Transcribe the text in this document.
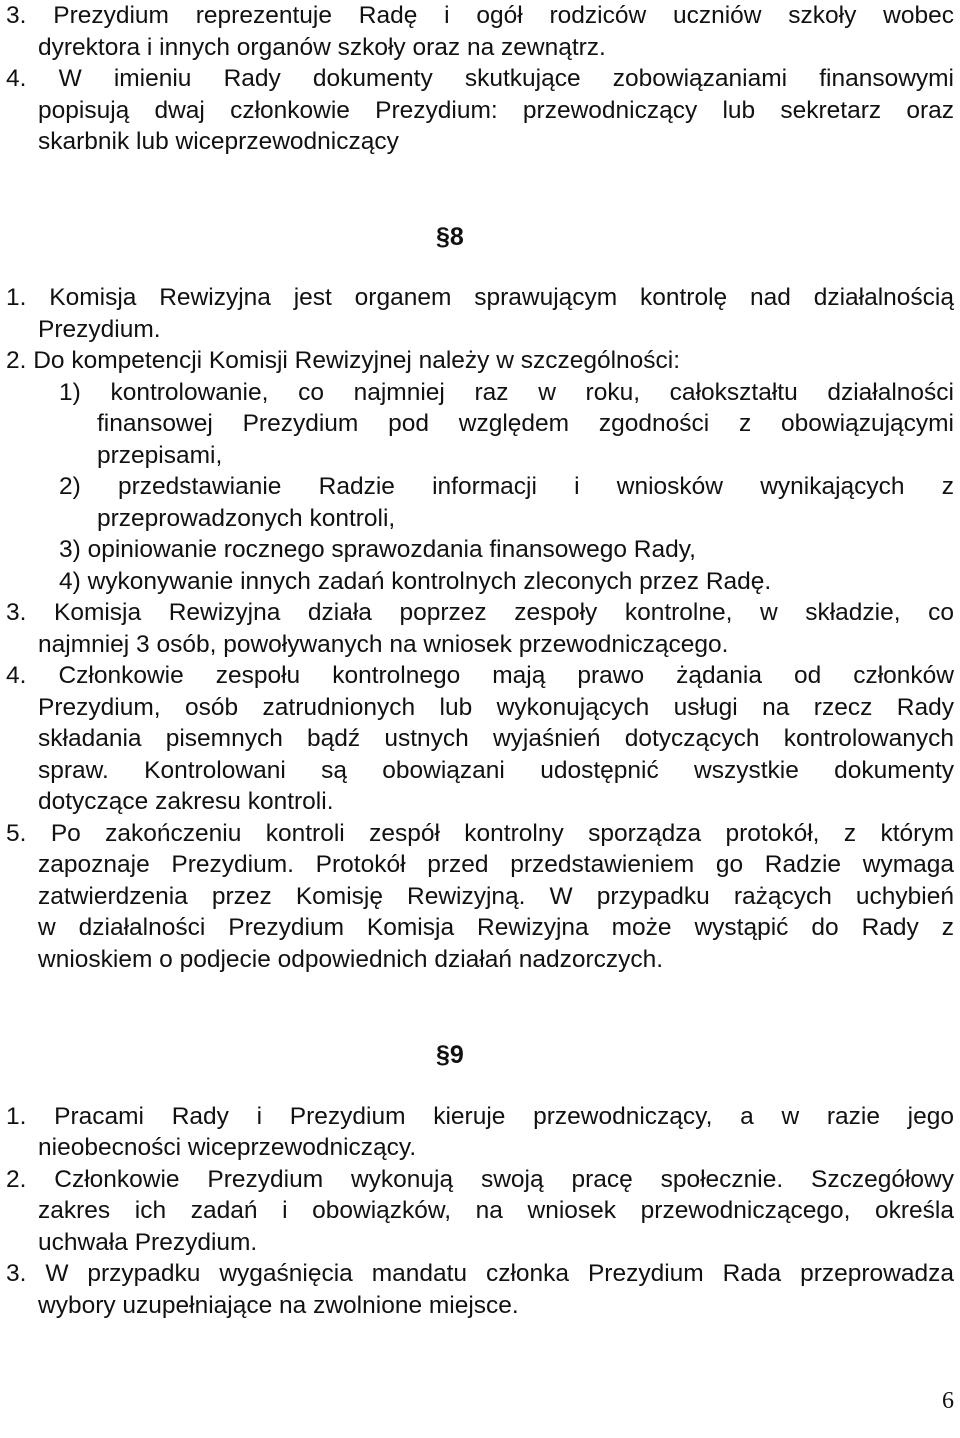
3. Prezydium reprezentuje Radę i ogół rodziców uczniów szkoły wobec
dyrektora i innych organów szkoły oraz na zewnątrz.
4. W imieniu Rady dokumenty skutkujące zobowiązaniami finansowymi
popisują dwaj członkowie Prezydium: przewodniczący lub sekretarz oraz
skarbnik lub wiceprzewodniczący
§8
1. Komisja Rewizyjna jest organem sprawującym kontrolę nad działalnością
Prezydium.
2. Do kompetencji Komisji Rewizyjnej należy w szczególności:
1) kontrolowanie, co najmniej raz w roku, całokształtu działalności
finansowej Prezydium pod względem zgodności z obowiązującymi
przepisami,
2) przedstawianie Radzie informacji i wniosków wynikających z
przeprowadzonych kontroli,
3) opiniowanie rocznego sprawozdania finansowego Rady,
4) wykonywanie innych zadań kontrolnych zleconych przez Radę.
3. Komisja Rewizyjna działa poprzez zespoły kontrolne, w składzie, co
najmniej 3 osób, powoływanych na wniosek przewodniczącego.
4. Członkowie zespołu kontrolnego mają prawo żądania od członków
Prezydium, osób zatrudnionych lub wykonujących usługi na rzecz Rady
składania pisemnych bądź ustnych wyjaśnień dotyczących kontrolowanych
spraw. Kontrolowani są obowiązani udostępnić wszystkie dokumenty
dotyczące zakresu kontroli.
5. Po zakończeniu kontroli zespół kontrolny sporządza protokół, z którym
zapoznaje Prezydium. Protokół przed przedstawieniem go Radzie wymaga
zatwierdzenia przez Komisję Rewizyjną. W przypadku rażących uchybień
w działalności Prezydium Komisja Rewizyjna może wystąpić do Rady z
wnioskiem o podjecie odpowiednich działań nadzorczych.
§9
1. Pracami Rady i Prezydium kieruje przewodniczący, a w razie jego
nieobecności wiceprzewodniczący.
2. Członkowie Prezydium wykonują swoją pracę społecznie. Szczegółowy
zakres ich zadań i obowiązków, na wniosek przewodniczącego, określa
uchwała Prezydium.
3. W przypadku wygaśnięcia mandatu członka Prezydium Rada przeprowadza
wybory uzupełniające na zwolnione miejsce.
6
